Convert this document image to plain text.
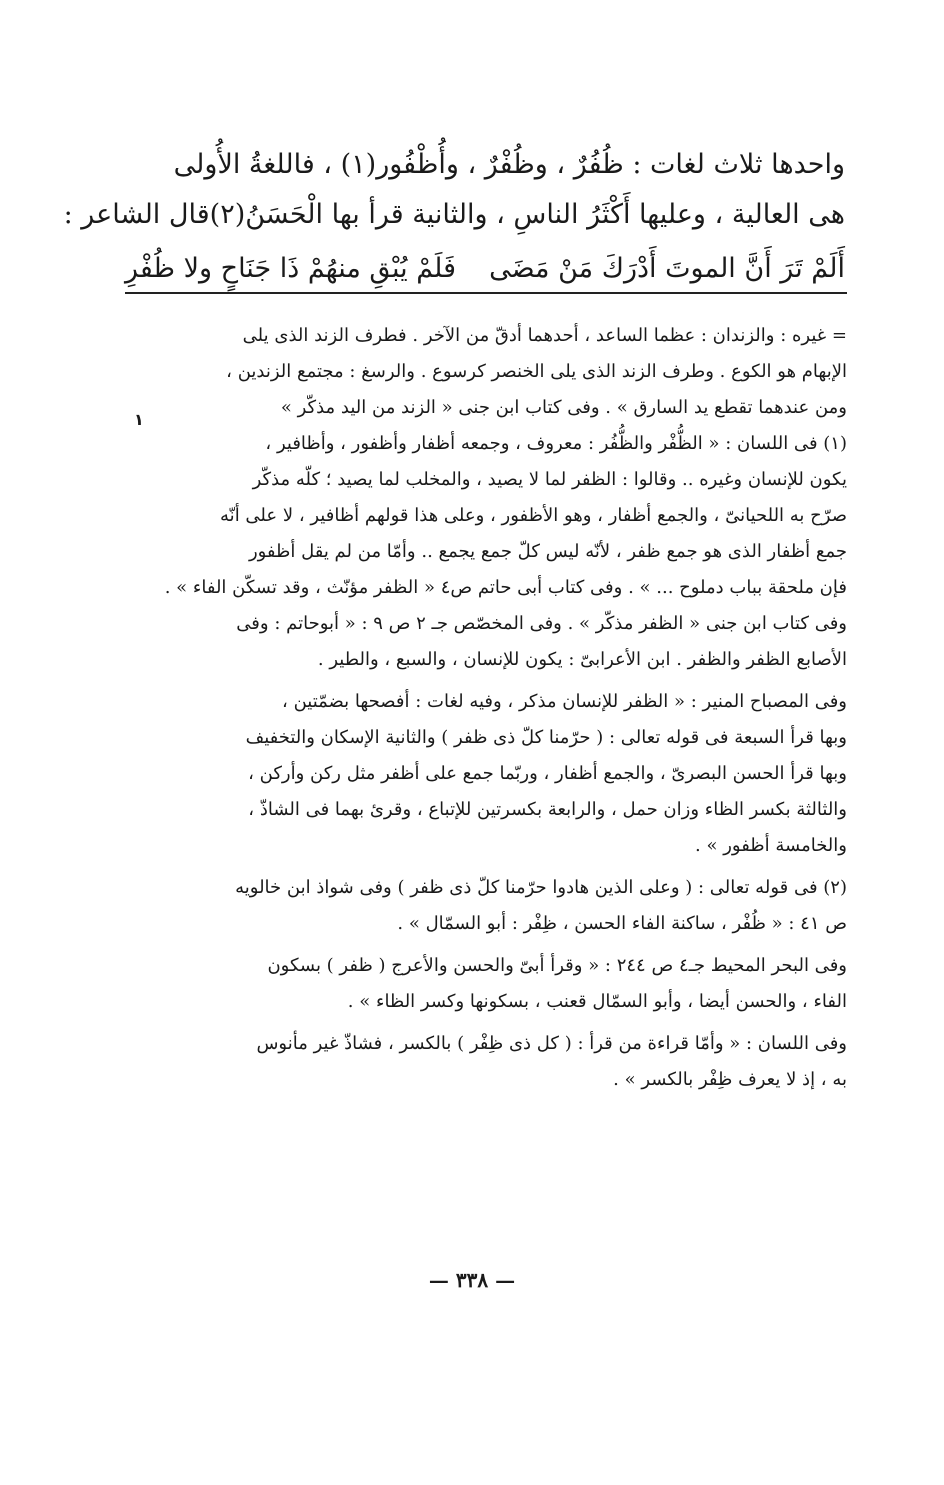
واحدها ثلاث لغات : ظُفُرٌ ، وظُفْرٌ ، وأُظْفُور(١) ، فاللغةُ الأُولى
هى العالية ، وعليها أَكْثَرُ الناسِ ، والثانية قرأ بها الْحَسَنُ(٢)قال الشاعر :
أَلَمْ تَرَ أَنَّ الموتَ أَدْرَكَ مَنْ مَضَى
فَلَمْ يُبْقِ منهُمْ ذَا جَنَاحٍ ولا ظُفْرِ
١
= غيره : والزندان : عظما الساعد ، أحدهما أدقّ من الآخر . فطرف الزند الذى يلى
الإبهام هو الكوع . وطرف الزند الذى يلى الخنصر كرسوع . والرسغ : مجتمع الزندين ،
ومن عندهما تقطع يد السارق » . وفى كتاب ابن جنى « الزند من اليد مذكّر »
(١) فى اللسان : « الظُّفْر والظُّفُر : معروف ، وجمعه أظفار وأظفور ، وأظافير ،
يكون للإنسان وغيره .. وقالوا : الظفر لما لا يصيد ، والمخلب لما يصيد ؛ كلّه مذكّر
صرّح به اللحيانىّ ، والجمع أظفار ، وهو الأظفور ، وعلى هذا قولهم أظافير ، لا على أنّه
جمع أظفار الذى هو جمع ظفر ، لأنّه ليس كلّ جمع يجمع .. وأمّا من لم يقل أظفور
فإن ملحقة بباب دملوح ... » . وفى كتاب أبى حاتم ص٤ « الظفر مؤنّث ، وقد تسكّن الفاء » .
وفى كتاب ابن جنى « الظفر مذكّر » . وفى المخصّص جـ ٢ ص ٩ : « أبوحاتم : وفى
الأصابع الظفر والظفر . ابن الأعرابىّ : يكون للإنسان ، والسبع ، والطير .
وفى المصباح المنير : « الظفر للإنسان مذكر ، وفيه لغات : أفصحها بضمّتين ،
وبها قرأ السبعة فى قوله تعالى : ( حرّمنا كلّ ذى ظفر ) والثانية الإسكان والتخفيف
وبها قرأ الحسن البصرىّ ، والجمع أظفار ، وربّما جمع على أظفر مثل ركن وأركن ،
والثالثة بكسر الظاء وزان حمل ، والرابعة بكسرتين للإتباع ، وقرئ بهما فى الشاذّ ،
والخامسة أظفور » .
(٢) فى قوله تعالى : ( وعلى الذين هادوا حرّمنا كلّ ذى ظفر ) وفى شواذ ابن خالويه
ص ٤١ : « ظُفْر ، ساكنة الفاء الحسن ، ظِفْر : أبو السمّال » .
وفى البحر المحيط جـ٤ ص ٢٤٤ : « وقرأ أبىّ والحسن والأعرج ( ظفر ) بسكون
الفاء ، والحسن أيضا ، وأبو السمّال قعنب ، بسكونها وكسر الظاء » .
وفى اللسان : « وأمّا قراءة من قرأ : ( كل ذى ظِفْر ) بالكسر ، فشاذّ غير مأنوس
به ، إذ لا يعرف ظِفْر بالكسر » .
— ٣٣٨ —
